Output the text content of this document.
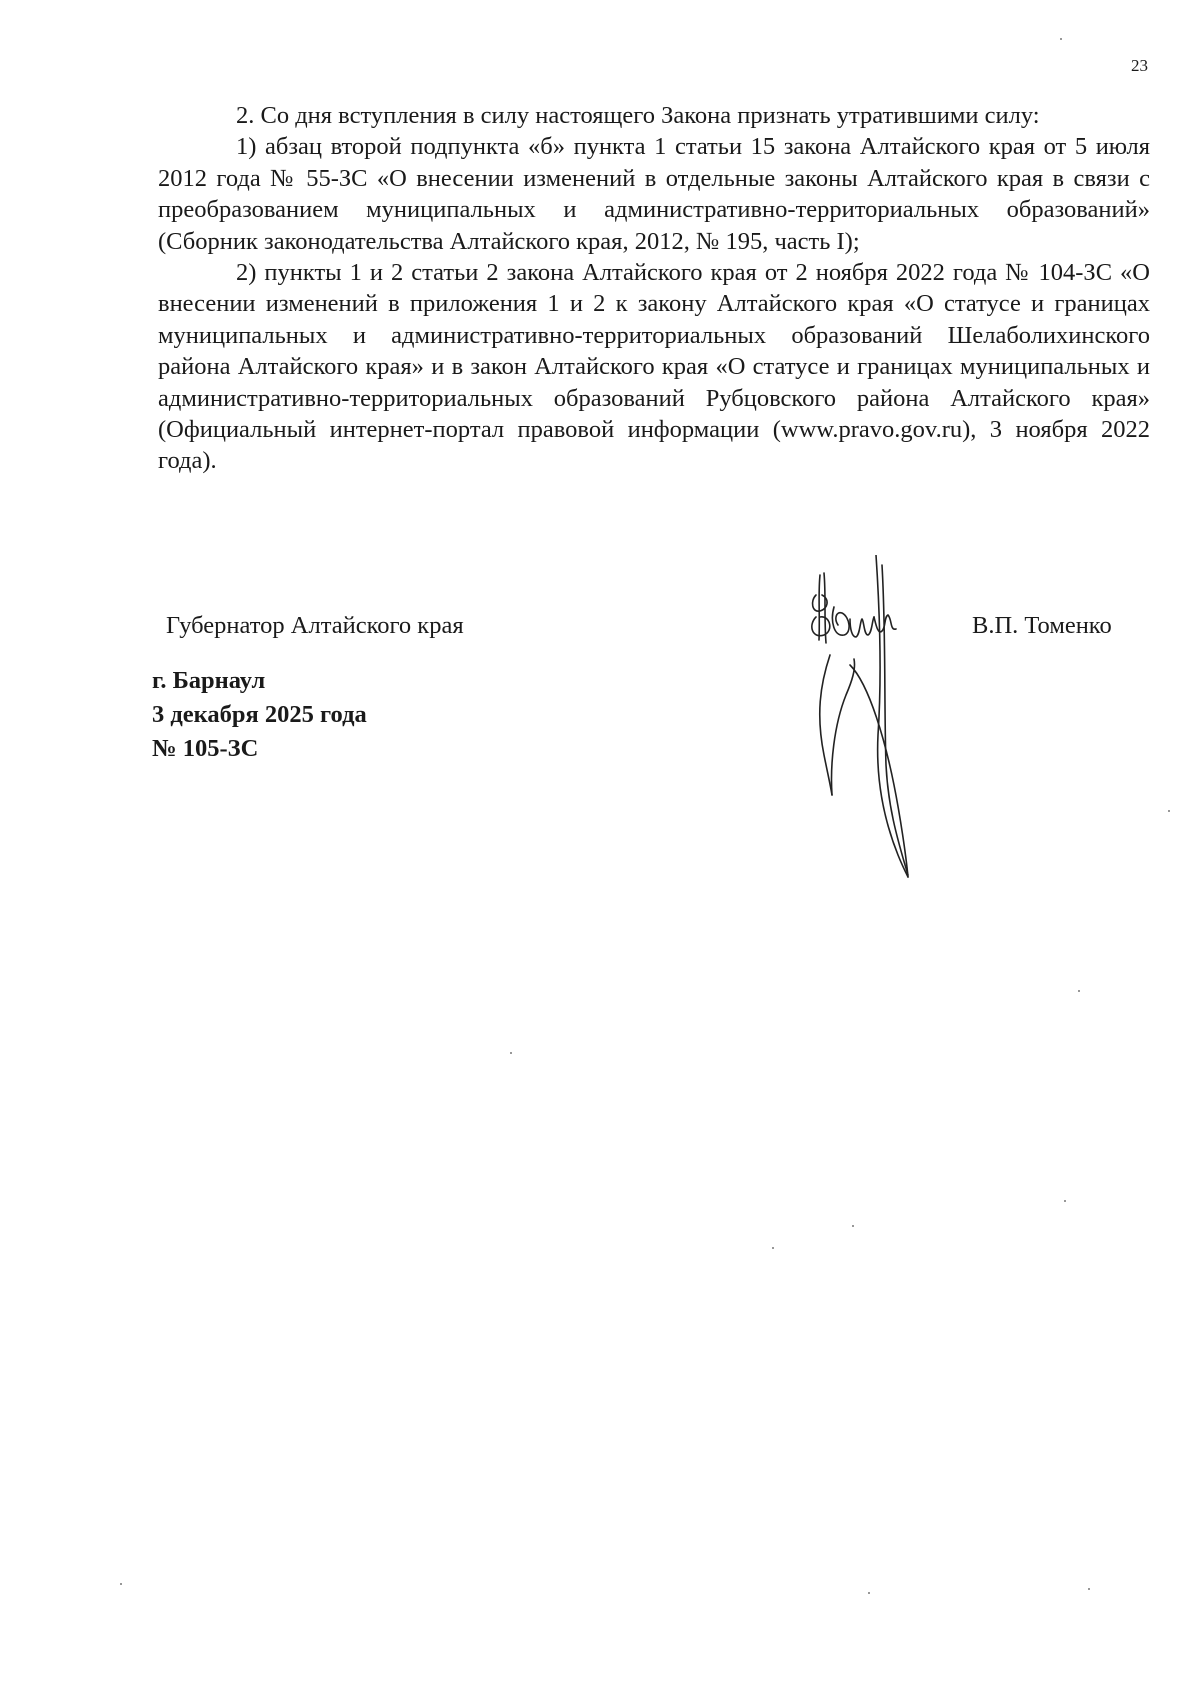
23

2. Со дня вступления в силу настоящего Закона признать утратившими силу:

1) абзац второй подпункта «б» пункта 1 статьи 15 закона Алтайского края от 5 июля 2012 года № 55-ЗС «О внесении изменений в отдельные законы Алтайского края в связи с преобразованием муниципальных и административно-территориальных образований» (Сборник законодательства Алтайского края, 2012, № 195, часть I);

2) пункты 1 и 2 статьи 2 закона Алтайского края от 2 ноября 2022 года № 104-ЗС «О внесении изменений в приложения 1 и 2 к закону Алтайского края «О статусе и границах муниципальных и административно-территориальных образований Шелаболихинского района Алтайского края» и в закон Алтайского края «О статусе и границах муниципальных и административно-территориальных образований Рубцовского района Алтайского края» (Официальный интернет-портал правовой информации (www.pravo.gov.ru), 3 ноября 2022 года).

Губернатор Алтайского края	В.П. Томенко
г. Барнаул
3 декабря 2025 года
№ 105-ЗС
